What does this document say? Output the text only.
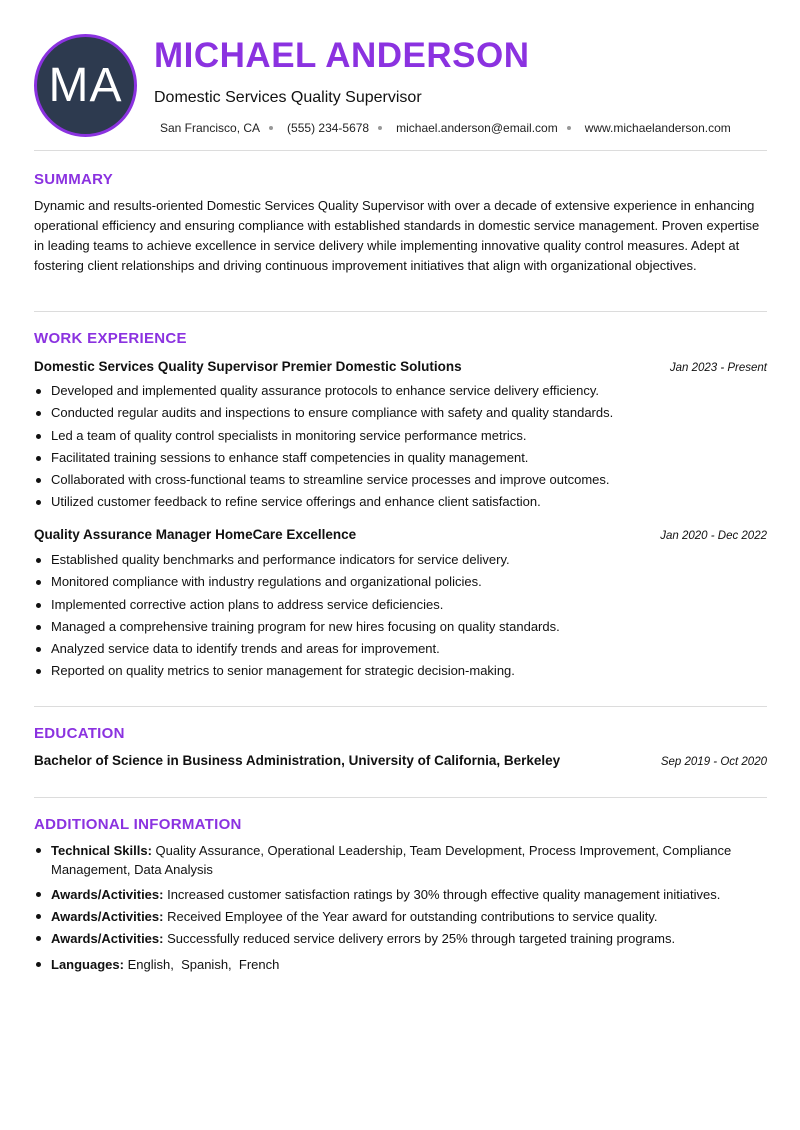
MA
MICHAEL ANDERSON
Domestic Services Quality Supervisor
San Francisco, CA (555) 234-5678 michael.anderson@email.com www.michaelanderson.com
SUMMARY
Dynamic and results-oriented Domestic Services Quality Supervisor with over a decade of extensive experience in enhancing operational efficiency and ensuring compliance with established standards in domestic service management. Proven expertise in leading teams to achieve excellence in service delivery while implementing innovative quality control measures. Adept at fostering client relationships and driving continuous improvement initiatives that align with organizational objectives.
WORK EXPERIENCE
Domestic Services Quality Supervisor Premier Domestic Solutions	Jan 2023 - Present
Developed and implemented quality assurance protocols to enhance service delivery efficiency.
Conducted regular audits and inspections to ensure compliance with safety and quality standards.
Led a team of quality control specialists in monitoring service performance metrics.
Facilitated training sessions to enhance staff competencies in quality management.
Collaborated with cross-functional teams to streamline service processes and improve outcomes.
Utilized customer feedback to refine service offerings and enhance client satisfaction.
Quality Assurance Manager HomeCare Excellence	Jan 2020 - Dec 2022
Established quality benchmarks and performance indicators for service delivery.
Monitored compliance with industry regulations and organizational policies.
Implemented corrective action plans to address service deficiencies.
Managed a comprehensive training program for new hires focusing on quality standards.
Analyzed service data to identify trends and areas for improvement.
Reported on quality metrics to senior management for strategic decision-making.
EDUCATION
Bachelor of Science in Business Administration, University of California, Berkeley	Sep 2019 - Oct 2020
ADDITIONAL INFORMATION
Technical Skills: Quality Assurance, Operational Leadership, Team Development, Process Improvement, Compliance Management, Data Analysis
Awards/Activities: Increased customer satisfaction ratings by 30% through effective quality management initiatives.
Awards/Activities: Received Employee of the Year award for outstanding contributions to service quality.
Awards/Activities: Successfully reduced service delivery errors by 25% through targeted training programs.
Languages: English,  Spanish,  French
